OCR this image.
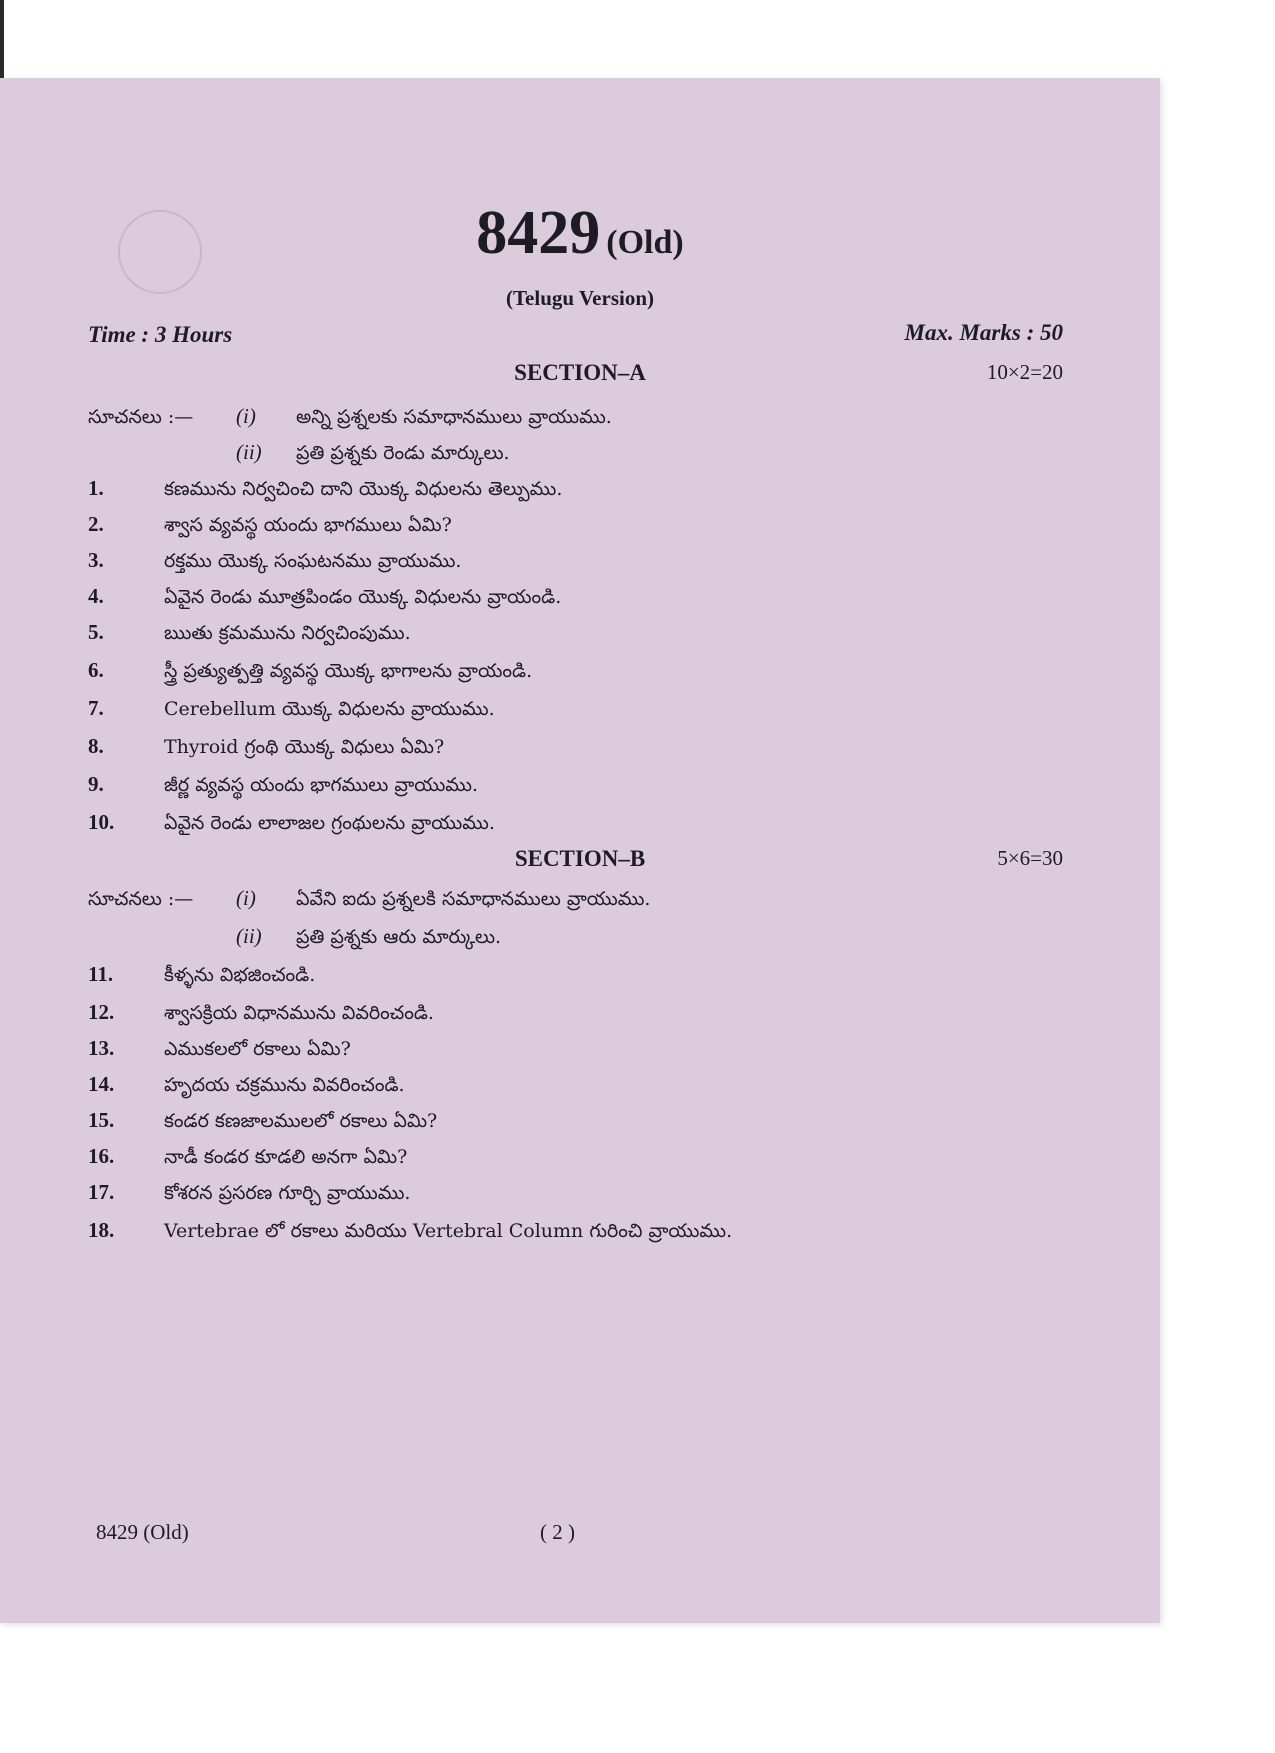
8429 (Old)
(Telugu Version)
Time : 3 Hours	Max. Marks : 50
SECTION–A	10×2=20
సూచనలు :— (i) అన్ని ప్రశ్నలకు సమాధానములు వ్రాయుము.
(ii) ప్రతి ప్రశ్నకు రెండు మార్కులు.
1.	కణమును నిర్వచించి దాని యొక్క విధులను తెల్పుము.
2.	శ్వాస వ్యవస్థ యందు భాగములు ఏమి?
3.	రక్తము యొక్క సంఘటనము వ్రాయుము.
4.	ఏవైన రెండు మూత్రపిండం యొక్క విధులను వ్రాయండి.
5.	ఋతు క్రమమును నిర్వచింపుము.
6.	స్త్రీ ప్రత్యుత్పత్తి వ్యవస్థ యొక్క భాగాలను వ్రాయండి.
7.	Cerebellum యొక్క విధులను వ్రాయుము.
8.	Thyroid గ్రంథి యొక్క విధులు ఏమి?
9.	జీర్ణ వ్యవస్థ యందు భాగములు వ్రాయుము.
10.	ఏవైన రెండు లాలాజల గ్రంథులను వ్రాయుము.
SECTION–B	5×6=30
సూచనలు :— (i) ఏవేని ఐదు ప్రశ్నలకి సమాధానములు వ్రాయుము.
(ii) ప్రతి ప్రశ్నకు ఆరు మార్కులు.
11.	కీళ్ళను విభజించండి.
12.	శ్వాసక్రియ విధానమును వివరించండి.
13.	ఎముకలలో రకాలు ఏమి?
14.	హృదయ చక్రమును వివరించండి.
15.	కండర కణజాలములలో రకాలు ఏమి?
16.	నాడీ కండర కూడలి అనగా ఏమి?
17.	కోశరన ప్రసరణ గూర్చి వ్రాయుము.
18.	Vertebrae లో రకాలు మరియు Vertebral Column గురించి వ్రాయుము.
8429 (Old)	( 2 )
